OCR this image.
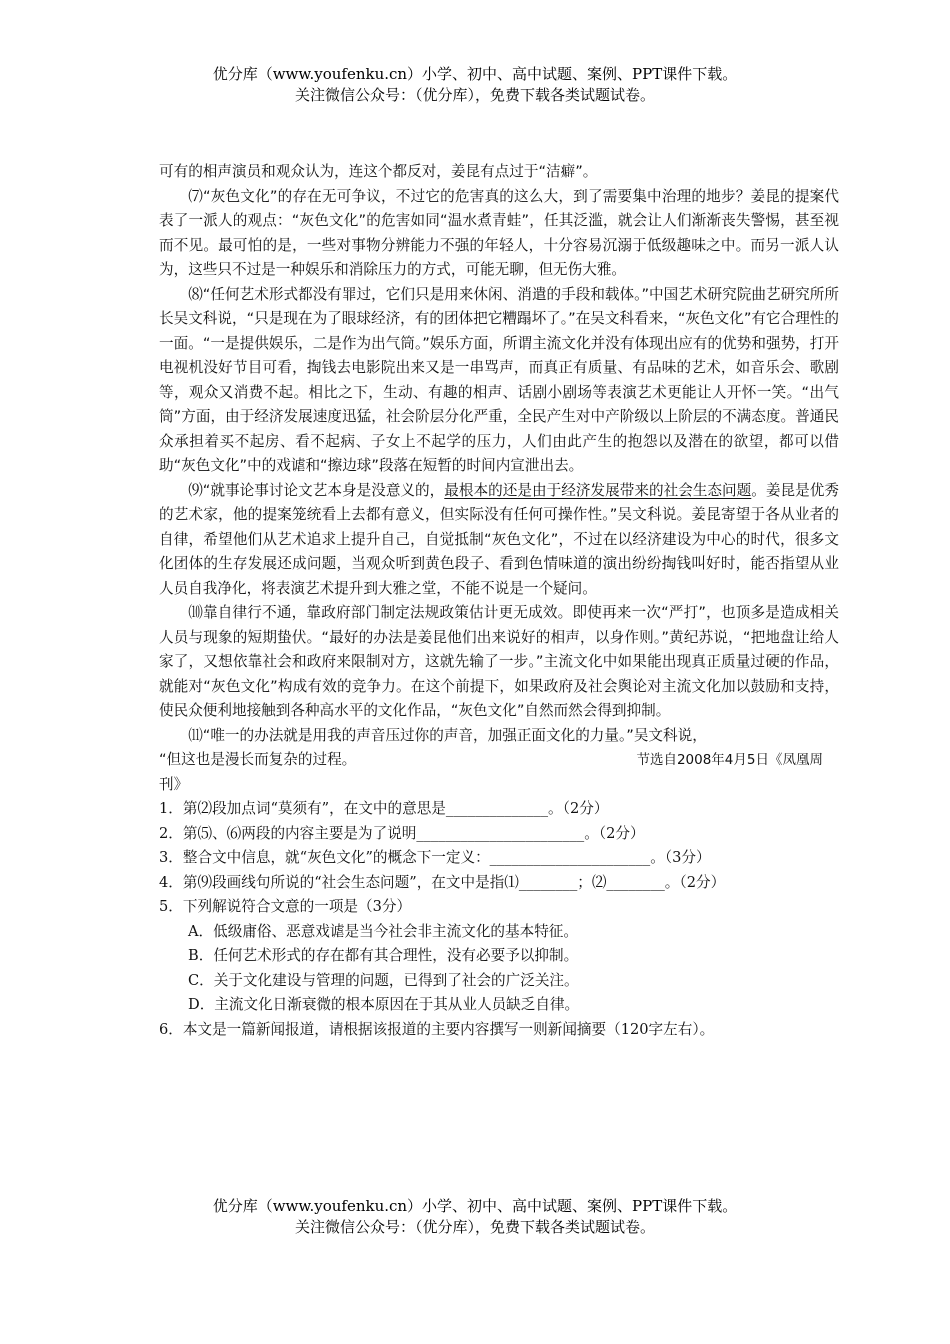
优分库（www.youfenku.cn）小学、初中、高中试题、案例、PPT课件下载。
关注微信公众号：（优分库），免费下载各类试题试卷。

可有的相声演员和观众认为，连这个都反对，姜昆有点过于“洁癖”。

⑺“灰色文化”的存在无可争议，不过它的危害真的这么大，到了需要集中治理的地步？姜昆的提案代表了一派人的观点：“灰色文化”的危害如同“温水煮青蛙”，任其泛滥，就会让人们渐渐丧失警惕，甚至视而不见。最可怕的是，一些对事物分辨能力不强的年轻人，十分容易沉溺于低级趣味之中。而另一派人认为，这些只不过是一种娱乐和消除压力的方式，可能无聊，但无伤大雅。

⑻“任何艺术形式都没有罪过，它们只是用来休闲、消遣的手段和载体。”中国艺术研究院曲艺研究所所长吴文科说，“只是现在为了眼球经济，有的团体把它糟蹋坏了。”在吴文科看来，“灰色文化”有它合理性的一面。“一是提供娱乐，二是作为出气筒。”娱乐方面，所谓主流文化并没有体现出应有的优势和强势，打开电视机没好节目可看，掏钱去电影院出来又是一串骂声，而真正有质量、有品味的艺术，如音乐会、歌剧等，观众又消费不起。相比之下，生动、有趣的相声、话剧小剧场等表演艺术更能让人开怀一笑。“出气筒”方面，由于经济发展速度迅猛，社会阶层分化严重，全民产生对中产阶级以上阶层的不满态度。普通民众承担着买不起房、看不起病、子女上不起学的压力，人们由此产生的抱怨以及潜在的欲望，都可以借助“灰色文化”中的戏谑和“擦边球”段落在短暂的时间内宣泄出去。

⑼“就事论事讨论文艺本身是没意义的，最根本的还是由于经济发展带来的社会生态问题。姜昆是优秀的艺术家，他的提案笼统看上去都有意义，但实际没有任何可操作性。”吴文科说。姜昆寄望于各从业者的自律，希望他们从艺术追求上提升自己，自觉抵制“灰色文化”，不过在以经济建设为中心的时代，很多文化团体的生存发展还成问题，当观众听到黄色段子、看到色情味道的演出纷纷掏钱叫好时，能否指望从业人员自我净化，将表演艺术提升到大雅之堂，不能不说是一个疑问。

⑽靠自律行不通，靠政府部门制定法规政策估计更无成效。即使再来一次“严打”，也顶多是造成相关人员与现象的短期蛰伏。“最好的办法是姜昆他们出来说好的相声，以身作则。”黄纪苏说，“把地盘让给人家了，又想依靠社会和政府来限制对方，这就先输了一步。”主流文化中如果能出现真正质量过硬的作品，就能对“灰色文化”构成有效的竞争力。在这个前提下，如果政府及社会舆论对主流文化加以鼓励和支持，使民众便利地接触到各种高水平的文化作品，“灰色文化”自然而然会得到抑制。

⑾“唯一的办法就是用我的声音压过你的声音，加强正面文化的力量。”吴文科说，

“但这也是漫长而复杂的过程。	节选自2008年4月5日《凤凰周

刊》

1．第⑵段加点词“莫须有”，在文中的意思是______________。（2分）

2．第⑸、⑹两段的内容主要是为了说明_______________________。（2分）

3．整合文中信息，就“灰色文化”的概念下一定义：______________________。（3分）

4．第⑼段画线句所说的“社会生态问题”，在文中是指⑴________；⑵________。（2分）

5．下列解说符合文意的一项是（3分）

A．低级庸俗、恶意戏谑是当今社会非主流文化的基本特征。

B．任何艺术形式的存在都有其合理性，没有必要予以抑制。

C．关于文化建设与管理的问题，已得到了社会的广泛关注。

D．主流文化日渐衰微的根本原因在于其从业人员缺乏自律。

6．本文是一篇新闻报道，请根据该报道的主要内容撰写一则新闻摘要（120字左右）。

优分库（www.youfenku.cn）小学、初中、高中试题、案例、PPT课件下载。
关注微信公众号：（优分库），免费下载各类试题试卷。
